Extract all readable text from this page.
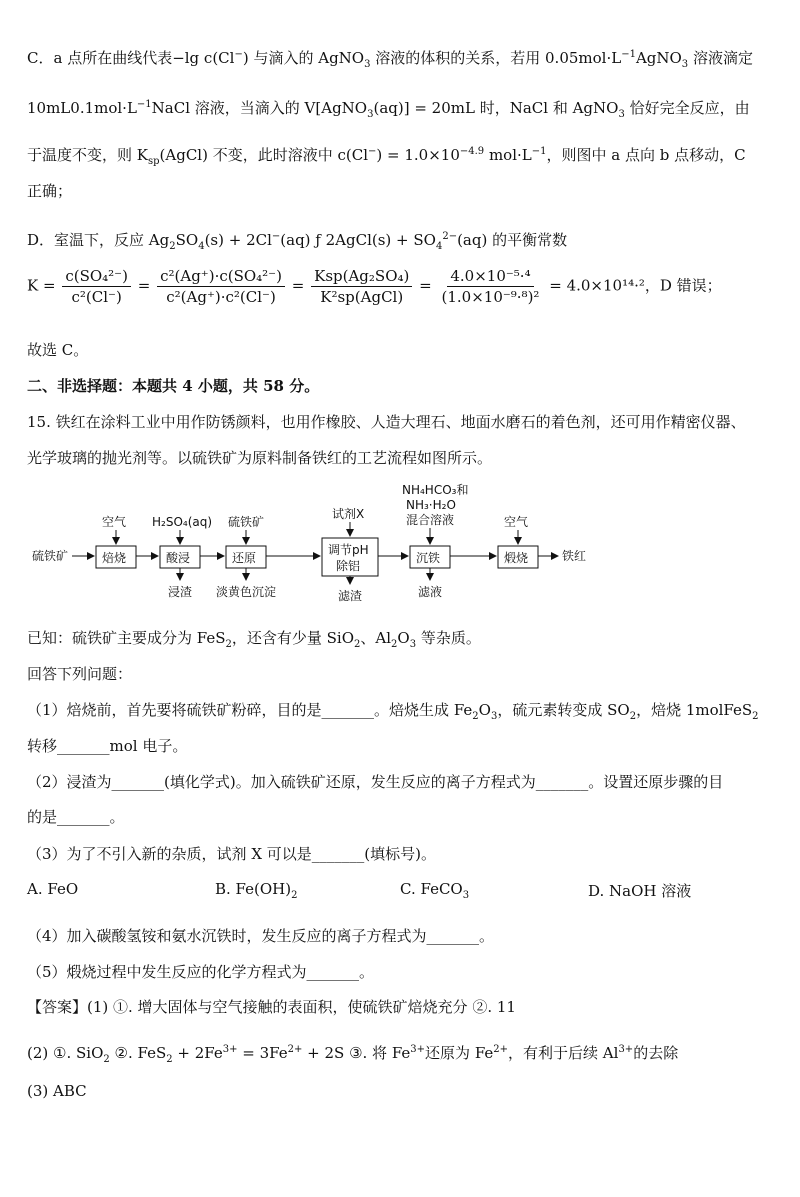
C．a 点所在曲线代表−lg c(Cl−) 与滴入的 AgNO$_3$ 溶液的体积的关系，若用 $0.05mol\cdot L^{-1}AgNO_3$ 溶液滴定
$10mL0.1mol\cdot L^{-1}NaCl$ 溶液，当滴入的 V[AgNO$_3$(aq)] = 20mL 时，NaCl 和 AgNO$_3$ 恰好完全反应，由
于温度不变，则 $K_{sp}(AgCl)$ 不变，此时溶液中 $c(Cl^-) = 1.0\times 10^{-4.9}$ $mol\cdot L^{-1}$，则图中 a 点向 b 点移动，C
正确；
D．室温下，反应 $Ag_2SO_4(s) + 2Cl^-(aq)$ ƒ 2AgCl(s) + $SO_4^{2-}(aq)$ 的平衡常数
$K = \frac{\text{c(SO₄²⁻)}}{\text{c²(Cl⁻)}} = \frac{\text{c²(Ag⁺)·c(SO₄²⁻)}}{\text{c²(Ag⁺)·c²(Cl⁻)}} = \frac{\text{Ksp(Ag₂SO₄)}}{\text{K²sp(AgCl)}} = \frac{\text{4.0×10⁻⁵·⁴}}{\text{(1.0×10⁻⁹·⁸)²}} = 4.0\times 10^{14}\cdot^2$，D 错误；
故选 C。
二、非选择题：本题共 4 小题，共 58 分。
15. 铁红在涂料工业中用作防锈颜料，也用作橡胶、人造大理石、地面水磨石的着色剂，还可用作精密仪器、
光学玻璃的抛光剂等。以硫铁矿为原料制备铁红的工艺流程如图所示。
硫铁矿	焙烧
空气
酸浸
H₂SO₄(aq)
浸渣
还原
硫铁矿
淡黄色沉淀
调节pH
除铝
试剂X
滤渣
沉铁
NH₄HCO₃和
NH₃·H₂O
混合溶液
滤液
煅烧
空气
铁红
已知：硫铁矿主要成分为 FeS$_2$，还含有少量 SiO$_2$、$Al_2O_3$ 等杂质。
回答下列问题：
（1）焙烧前，首先要将硫铁矿粉碎，目的是_______。焙烧生成 $Fe_2O_3$，硫元素转变成 $SO_2$，焙烧 1molFeS$_2$
转移_______mol 电子。
（2）浸渣为_______(填化学式)。加入硫铁矿还原，发生反应的离子方程式为_______。设置还原步骤的目
的是_______。
（3）为了不引入新的杂质，试剂 X 可以是_______(填标号)。
A. FeO	B. $Fe(OH)_2$	C. FeCO$_3$	D. NaOH 溶液
（4）加入碳酸氢铵和氨水沉铁时，发生反应的离子方程式为_______。
（5）煅烧过程中发生反应的化学方程式为_______。
【答案】(1) ①. 增大固体与空气接触的表面积，使硫铁矿焙烧充分 ②. 11
(2) ①. SiO$_2$ ②. $FeS_2 + 2Fe^{3+} = 3Fe^{2+} + 2S$ ③. 将 $Fe^{3+}$还原为 $Fe^{2+}$，有利于后续 $Al^{3+}$的去除
(3) ABC
